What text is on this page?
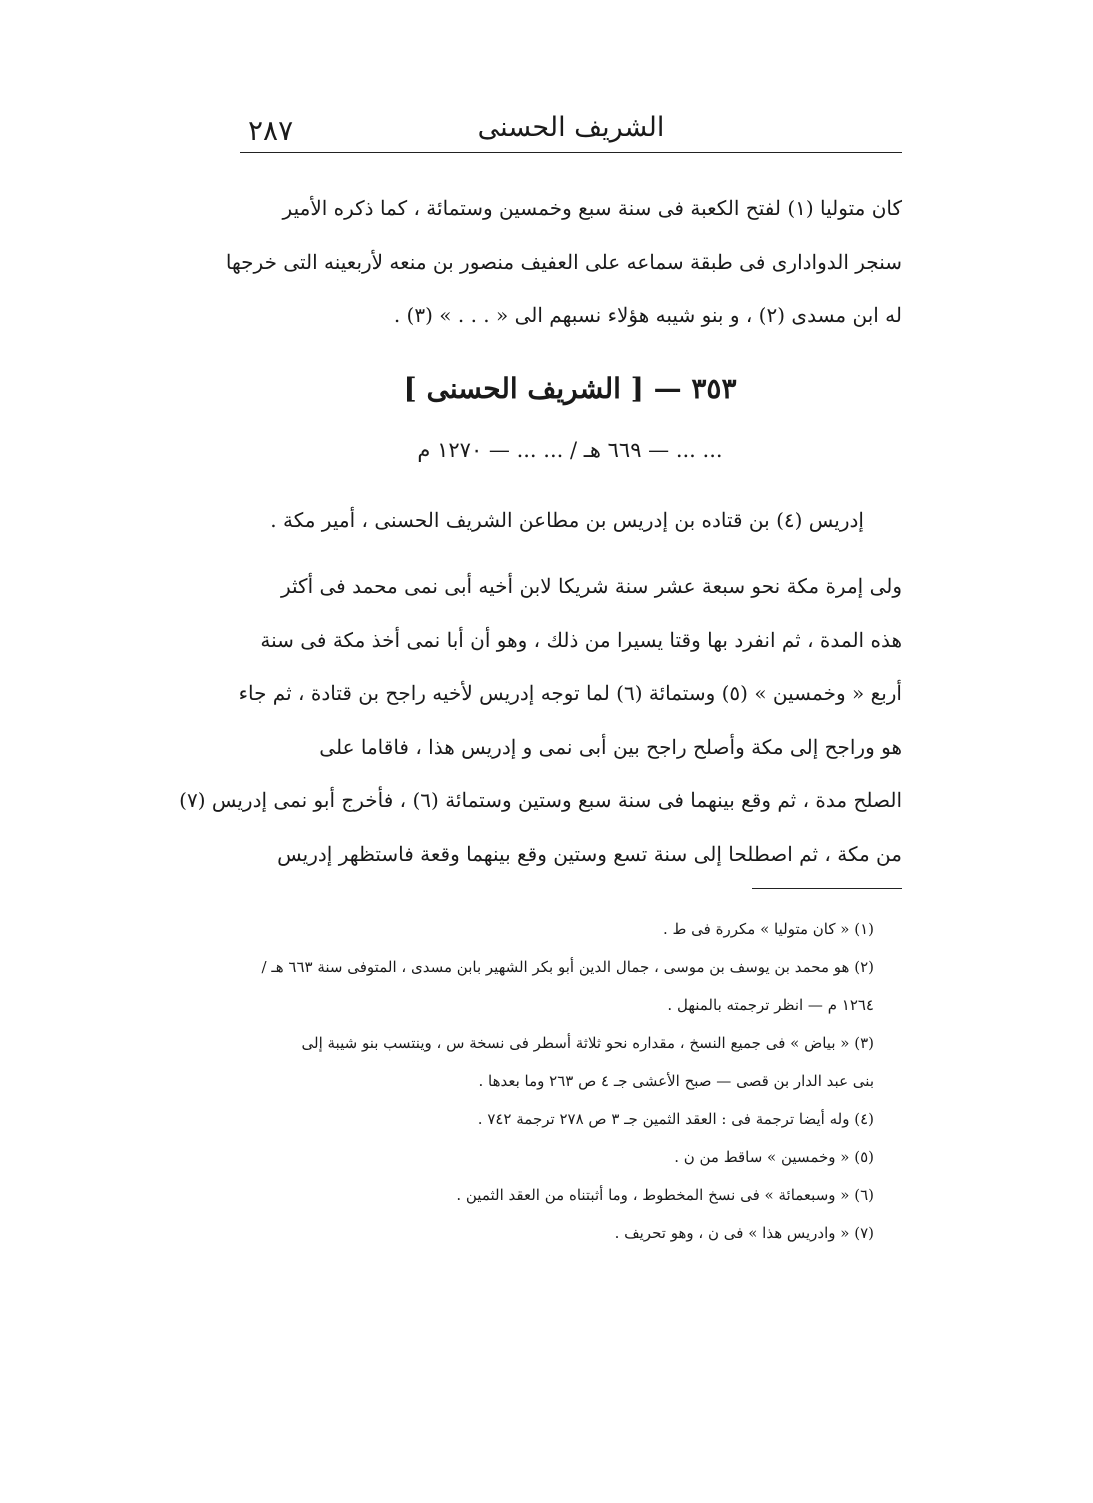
٢٨٧	الشريف الحسنى
كان متوليا (١) لفتح الكعبة فى سنة سبع وخمسين وستمائة ، كما ذكره الأمير
سنجر الدوادارى فى طبقة سماعه على العفيف منصور بن منعه لأربعينه التى خرجها
له ابن مسدى (٢) ، و بنو شيبه هؤلاء نسبهم الى « . . . » (٣) .
٣٥٣ — [ الشريف الحسنى ]
... ... — ٦٦٩ هـ / ... ... — ١٢٧٠ م
إدريس (٤) بن قتاده بن إدريس بن مطاعن الشريف الحسنى ، أمير مكة .
ولى إمرة مكة نحو سبعة عشر سنة شريكا لابن أخيه أبى نمى محمد فى أكثر
هذه المدة ، ثم انفرد بها وقتا يسيرا من ذلك ، وهو أن أبا نمى أخذ مكة فى سنة
أربع « وخمسين » (٥) وستمائة (٦) لما توجه إدريس لأخيه راجح بن قتادة ، ثم جاء
هو وراجح إلى مكة وأصلح راجح بين أبى نمى و إدريس هذا ، فاقاما على
الصلح مدة ، ثم وقع بينهما فى سنة سبع وستين وستمائة (٦) ، فأخرج أبو نمى إدريس (٧)
من مكة ، ثم اصطلحا إلى سنة تسع وستين وقع بينهما وقعة فاستظهر إدريس
(١) « كان متوليا » مكررة فى ط .
(٢) هو محمد بن يوسف بن موسى ، جمال الدين أبو بكر الشهير بابن مسدى ، المتوفى سنة ٦٦٣ هـ /
١٢٦٤ م — انظر ترجمته بالمنهل .
(٣) « بياض » فى جميع النسخ ، مقداره نحو ثلاثة أسطر فى نسخة س ، وينتسب بنو شيبة إلى
بنى عبد الدار بن قصى — صبح الأعشى جـ ٤ ص ٢٦٣ وما بعدها .
(٤) وله أيضا ترجمة فى : العقد الثمين جـ ٣ ص ٢٧٨ ترجمة ٧٤٢ .
(٥) « وخمسين » ساقط من ن .
(٦) « وسبعمائة » فى نسخ المخطوط ، وما أثبتناه من العقد الثمين .
(٧) « وادريس هذا » فى ن ، وهو تحريف .
